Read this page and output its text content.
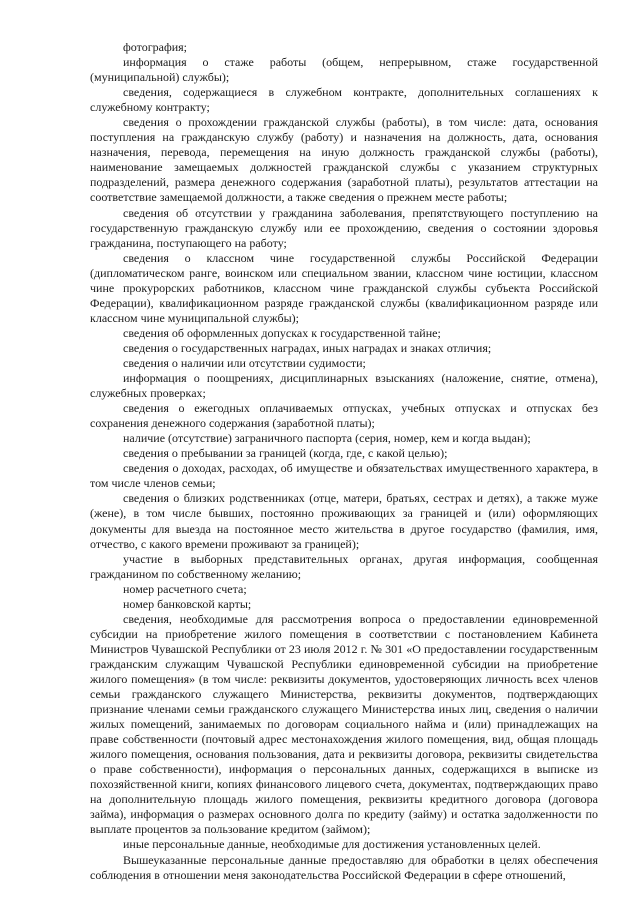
фотография;

информация о стаже работы (общем, непрерывном, стаже государственной (муниципальной) службы);

сведения, содержащиеся в служебном контракте, дополнительных соглашениях к служебному контракту;

сведения о прохождении гражданской службы (работы), в том числе: дата, основания поступления на гражданскую службу (работу) и назначения на должность, дата, основания назначения, перевода, перемещения на иную должность гражданской службы (работы), наименование замещаемых должностей гражданской службы с указанием структурных подразделений, размера денежного содержания (заработной платы), результатов аттестации на соответствие замещаемой должности, а также сведения о прежнем месте работы;

сведения об отсутствии у гражданина заболевания, препятствующего поступлению на государственную гражданскую службу или ее прохождению, сведения о состоянии здоровья гражданина, поступающего на работу;

сведения о классном чине государственной службы Российской Федерации (дипломатическом ранге, воинском или специальном звании, классном чине юстиции, классном чине прокурорских работников, классном чине гражданской службы субъекта Российской Федерации), квалификационном разряде гражданской службы (квалификационном разряде или классном чине муниципальной службы);

сведения об оформленных допусках к государственной тайне;

сведения о государственных наградах, иных наградах и знаках отличия;

сведения о наличии или отсутствии судимости;

информация о поощрениях, дисциплинарных взысканиях (наложение, снятие, отмена), служебных проверках;

сведения о ежегодных оплачиваемых отпусках, учебных отпусках и отпусках без сохранения денежного содержания (заработной платы);

наличие (отсутствие) заграничного паспорта (серия, номер, кем и когда выдан);

сведения о пребывании за границей (когда, где, с какой целью);

сведения о доходах, расходах, об имуществе и обязательствах имущественного характера, в том числе членов семьи;

сведения о близких родственниках (отце, матери, братьях, сестрах и детях), а также муже (жене), в том числе бывших, постоянно проживающих за границей и (или) оформляющих документы для выезда на постоянное место жительства в другое государство (фамилия, имя, отчество, с какого времени проживают за границей);

участие в выборных представительных органах, другая информация, сообщенная гражданином по собственному желанию;

номер расчетного счета;

номер банковской карты;

сведения, необходимые для рассмотрения вопроса о предоставлении единовременной субсидии на приобретение жилого помещения в соответствии с постановлением Кабинета Министров Чувашской Республики от 23 июля 2012 г. № 301 «О предоставлении государственным гражданским служащим Чувашской Республики единовременной субсидии на приобретение жилого помещения» (в том числе: реквизиты документов, удостоверяющих личность всех членов семьи гражданского служащего Министерства, реквизиты документов, подтверждающих признание членами семьи гражданского служащего Министерства иных лиц, сведения о наличии жилых помещений, занимаемых по договорам социального найма и (или) принадлежащих на праве собственности (почтовый адрес местонахождения жилого помещения, вид, общая площадь жилого помещения, основания пользования, дата и реквизиты договора, реквизиты свидетельства о праве собственности), информация о персональных данных, содержащихся в выписке из похозяйственной книги, копиях финансового лицевого счета, документах, подтверждающих право на дополнительную площадь жилого помещения, реквизиты кредитного договора (договора займа), информация о размерах основного долга по кредиту (займу) и остатка задолженности по выплате процентов за пользование кредитом (займом);

иные персональные данные, необходимые для достижения установленных целей.

Вышеуказанные персональные данные предоставляю для обработки в целях обеспечения соблюдения в отношении меня законодательства Российской Федерации в сфере отношений,
